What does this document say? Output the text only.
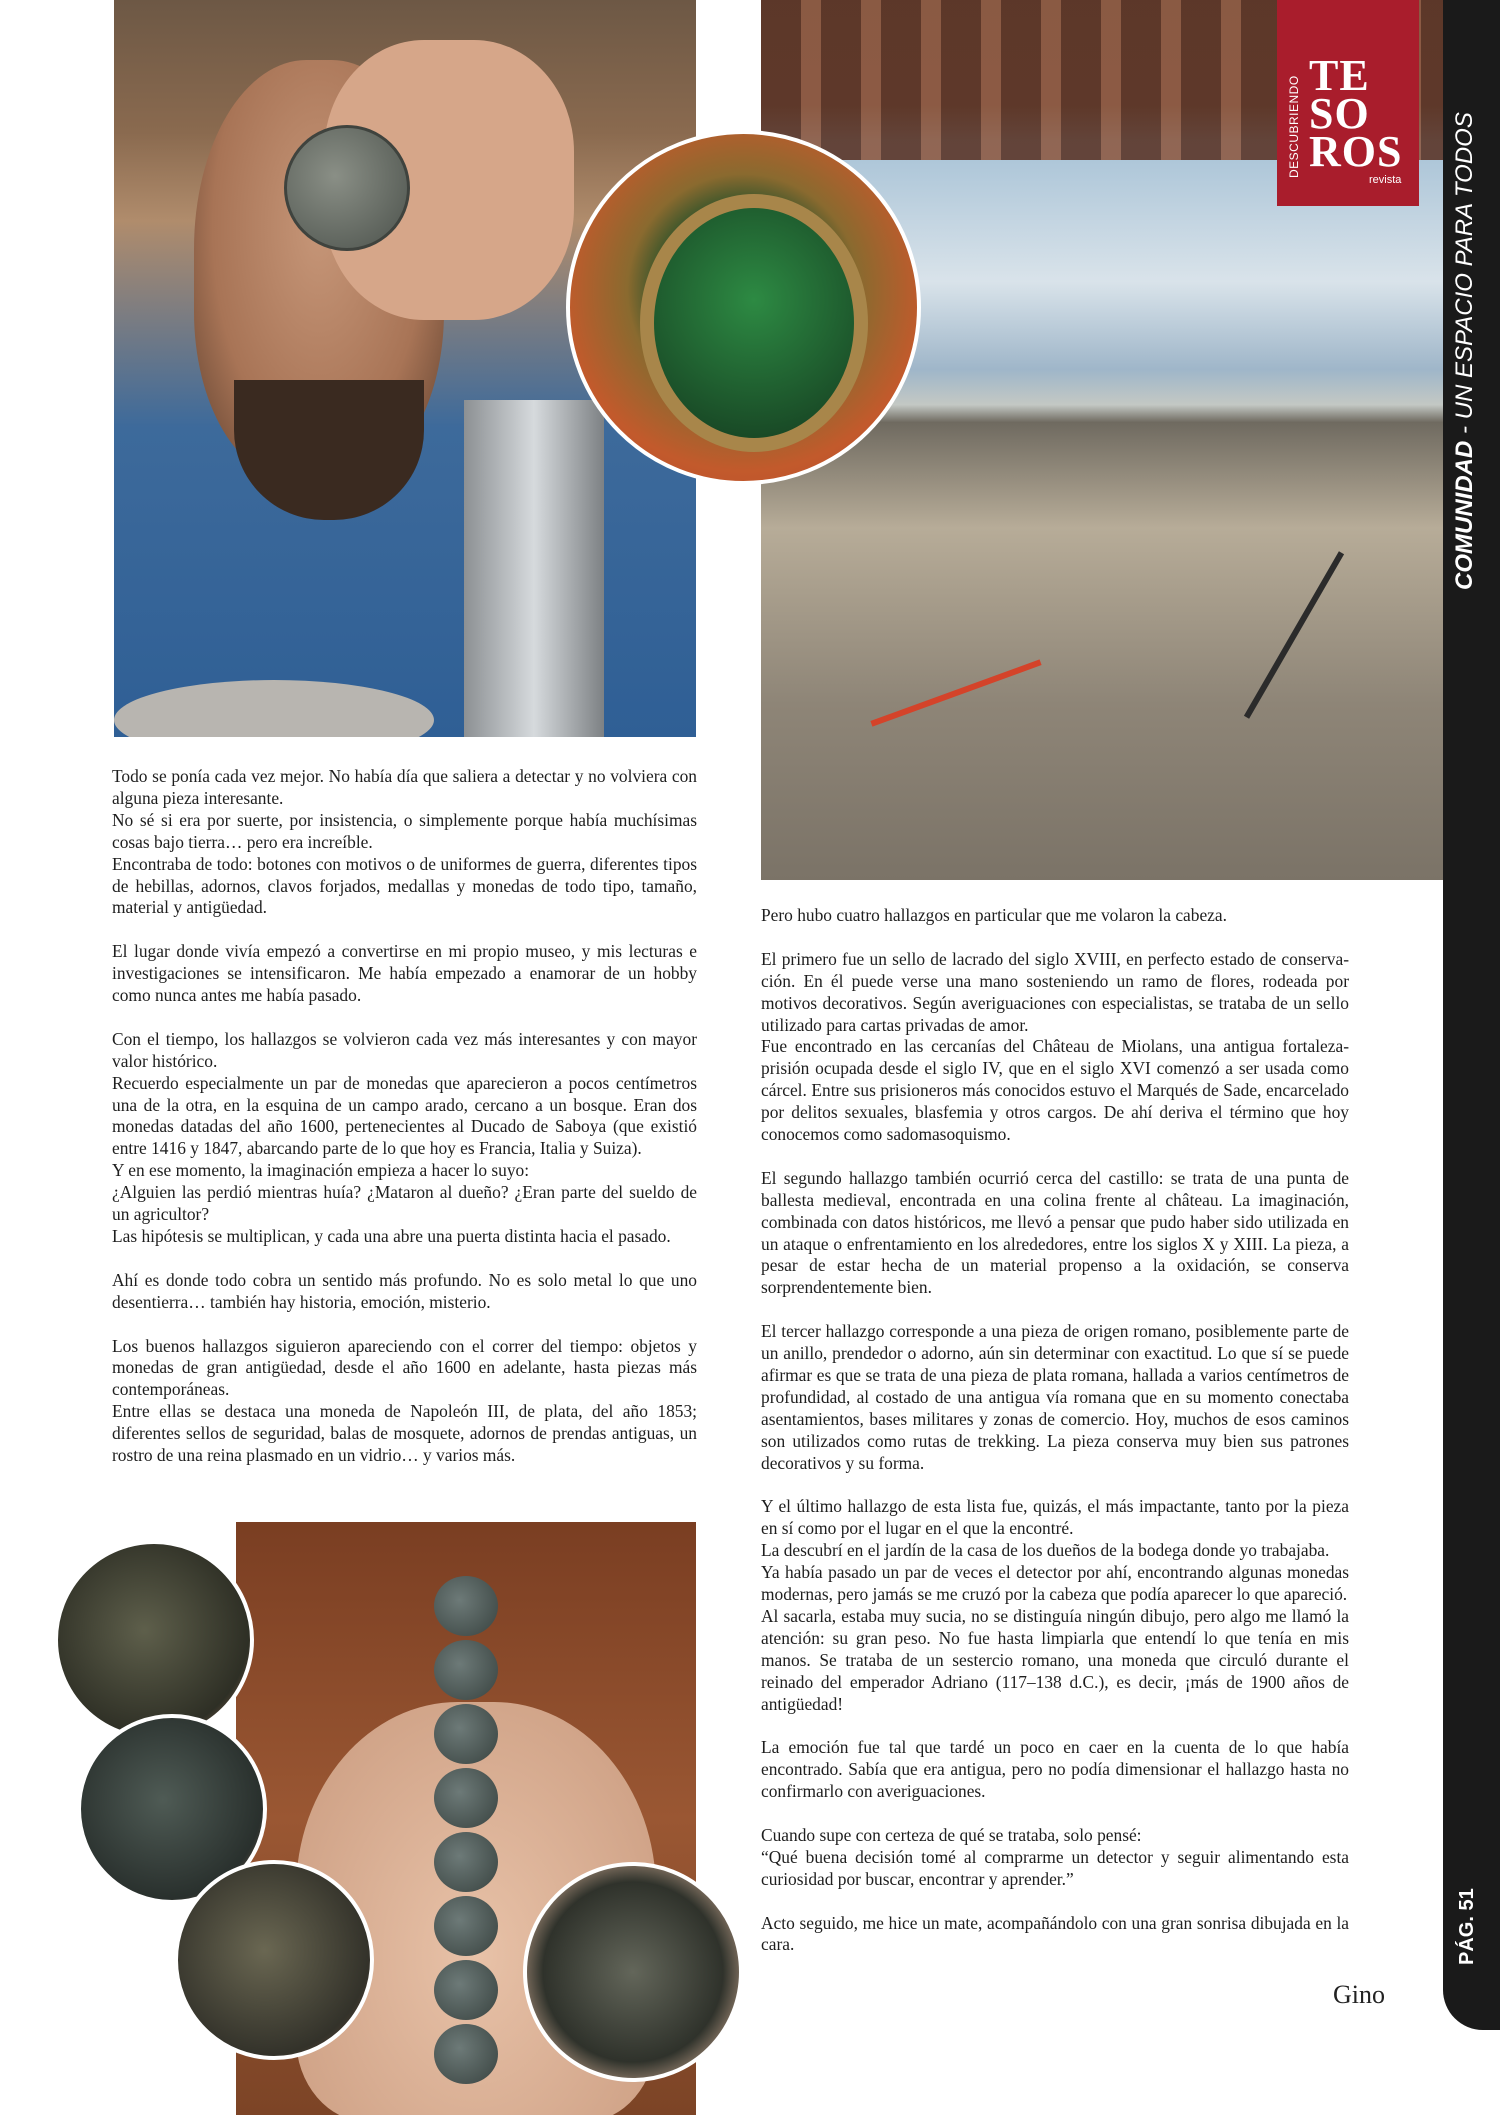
DESCUBRIENDO TE
SO
ROS
revista
COMUNIDAD - UN ESPACIO PARA TODOS
PÁG. 51

Todo se ponía cada vez mejor. No había día que saliera a detectar y no volviera con alguna pieza interesante.
No sé si era por suerte, por insistencia, o simplemente porque había muchísimas cosas bajo tierra… pero era increíble.
Encontraba de todo: botones con motivos o de uniformes de guerra, diferentes tipos de hebillas, adornos, clavos forjados, medallas y monedas de todo tipo, tamaño, material y antigüedad.

El lugar donde vivía empezó a convertirse en mi propio museo, y mis lecturas e investigaciones se intensificaron. Me había empezado a enamorar de un hobby como nunca antes me había pasado.

Con el tiempo, los hallazgos se volvieron cada vez más interesantes y con mayor valor histórico.
Recuerdo especialmente un par de monedas que aparecieron a pocos centímetros una de la otra, en la esquina de un campo arado, cercano a un bosque. Eran dos monedas datadas del año 1600, pertenecientes al Ducado de Saboya (que existió entre 1416 y 1847, abarcando parte de lo que hoy es Francia, Italia y Suiza).
Y en ese momento, la imaginación empieza a hacer lo suyo:
¿Alguien las perdió mientras huía? ¿Mataron al dueño? ¿Eran parte del sueldo de un agricultor?
Las hipótesis se multiplican, y cada una abre una puerta distinta hacia el pasado.

Ahí es donde todo cobra un sentido más profundo. No es solo metal lo que uno desentierra… también hay historia, emoción, misterio.

Los buenos hallazgos siguieron apareciendo con el correr del tiempo: objetos y monedas de gran antigüedad, desde el año 1600 en adelante, hasta piezas más contemporáneas.
Entre ellas se destaca una moneda de Napoleón III, de plata, del año 1853; diferentes sellos de seguridad, balas de mosquete, adornos de prendas antiguas, un rostro de una reina plasmado en un vidrio… y varios más.

Pero hubo cuatro hallazgos en particular que me volaron la cabeza.

El primero fue un sello de lacrado del siglo XVIII, en perfecto estado de conserva-ción. En él puede verse una mano sosteniendo un ramo de flores, rodeada por motivos decorativos. Según averiguaciones con especialistas, se trataba de un sello utilizado para cartas privadas de amor.
Fue encontrado en las cercanías del Château de Miolans, una antigua fortaleza-prisión ocupada desde el siglo IV, que en el siglo XVI comenzó a ser usada como cárcel. Entre sus prisioneros más conocidos estuvo el Marqués de Sade, encarcelado por delitos sexuales, blasfemia y otros cargos. De ahí deriva el término que hoy conocemos como sadomasoquismo.

El segundo hallazgo también ocurrió cerca del castillo: se trata de una punta de ballesta medieval, encontrada en una colina frente al château. La imaginación, combinada con datos históricos, me llevó a pensar que pudo haber sido utilizada en un ataque o enfrentamiento en los alrededores, entre los siglos X y XIII. La pieza, a pesar de estar hecha de un material propenso a la oxidación, se conserva sorprendentemente bien.

El tercer hallazgo corresponde a una pieza de origen romano, posiblemente parte de un anillo, prendedor o adorno, aún sin determinar con exactitud. Lo que sí se puede afirmar es que se trata de una pieza de plata romana, hallada a varios centímetros de profundidad, al costado de una antigua vía romana que en su momento conectaba asentamientos, bases militares y zonas de comercio. Hoy, muchos de esos caminos son utilizados como rutas de trekking. La pieza conserva muy bien sus patrones decorativos y su forma.

Y el último hallazgo de esta lista fue, quizás, el más impactante, tanto por la pieza en sí como por el lugar en el que la encontré.
La descubrí en el jardín de la casa de los dueños de la bodega donde yo trabajaba.
Ya había pasado un par de veces el detector por ahí, encontrando algunas monedas modernas, pero jamás se me cruzó por la cabeza que podía aparecer lo que apareció.
Al sacarla, estaba muy sucia, no se distinguía ningún dibujo, pero algo me llamó la atención: su gran peso. No fue hasta limpiarla que entendí lo que tenía en mis manos. Se trataba de un sestercio romano, una moneda que circuló durante el reinado del emperador Adriano (117–138 d.C.), es decir, ¡más de 1900 años de antigüedad!

La emoción fue tal que tardé un poco en caer en la cuenta de lo que había encontrado. Sabía que era antigua, pero no podía dimensionar el hallazgo hasta no confirmarlo con averiguaciones.

Cuando supe con certeza de qué se trataba, solo pensé:
“Qué buena decisión tomé al comprarme un detector y seguir alimentando esta curiosidad por buscar, encontrar y aprender.”

Acto seguido, me hice un mate, acompañándolo con una gran sonrisa dibujada en la cara.

Gino
